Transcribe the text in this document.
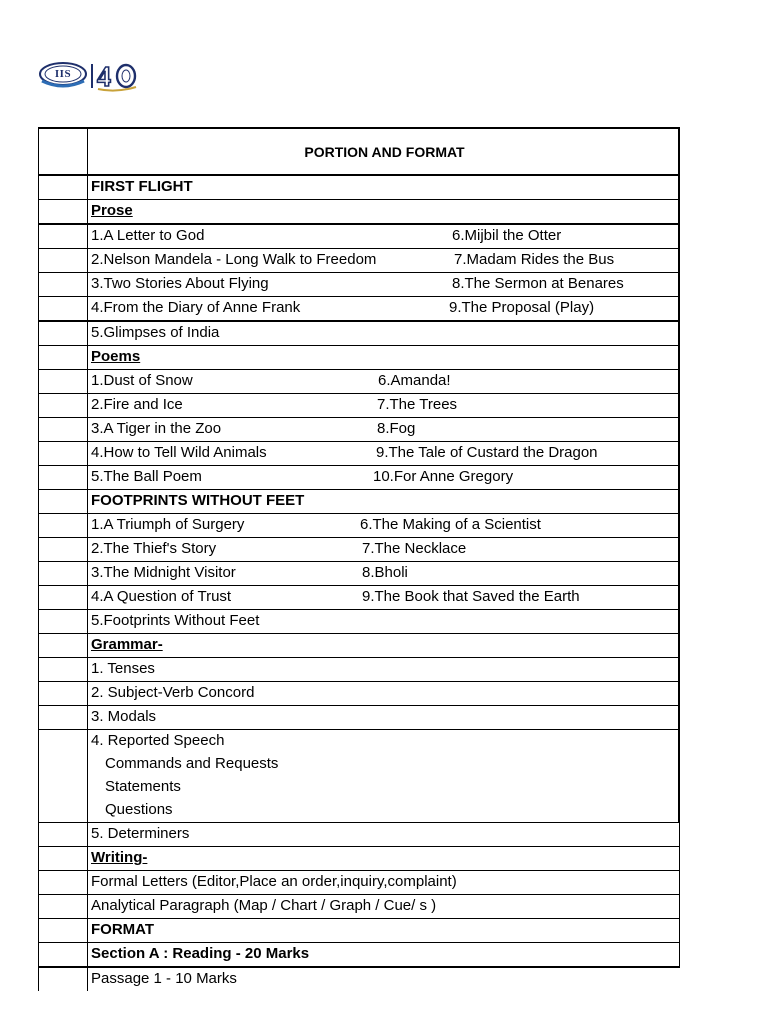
IIS 4
PORTION AND FORMAT
FIRST FLIGHT
Prose
1.A Letter to God	6.Mijbil the Otter
2.Nelson Mandela - Long Walk to Freedom	7.Madam Rides the Bus
3.Two Stories About Flying	8.The Sermon at Benares
4.From the Diary of Anne Frank	9.The Proposal (Play)
5.Glimpses of India
Poems
1.Dust of Snow	6.Amanda!
2.Fire and Ice	7.The Trees
3.A Tiger in the Zoo	8.Fog
4.How to Tell Wild Animals	9.The Tale of Custard the Dragon
5.The Ball Poem	10.For Anne Gregory
FOOTPRINTS WITHOUT FEET
1.A Triumph of Surgery	6.The Making of a Scientist
2.The Thief's Story	7.The Necklace
3.The Midnight Visitor	8.Bholi
4.A Question of Trust	9.The Book that Saved the Earth
5.Footprints Without Feet
Grammar-
1. Tenses
2. Subject-Verb Concord
3. Modals
4. Reported Speech
Commands and Requests
Statements
Questions
5. Determiners
Writing-
Formal Letters (Editor,Place an order,inquiry,complaint)
Analytical Paragraph (Map / Chart / Graph / Cue/ s )
FORMAT
Section A : Reading - 20 Marks
Passage 1 - 10 Marks
